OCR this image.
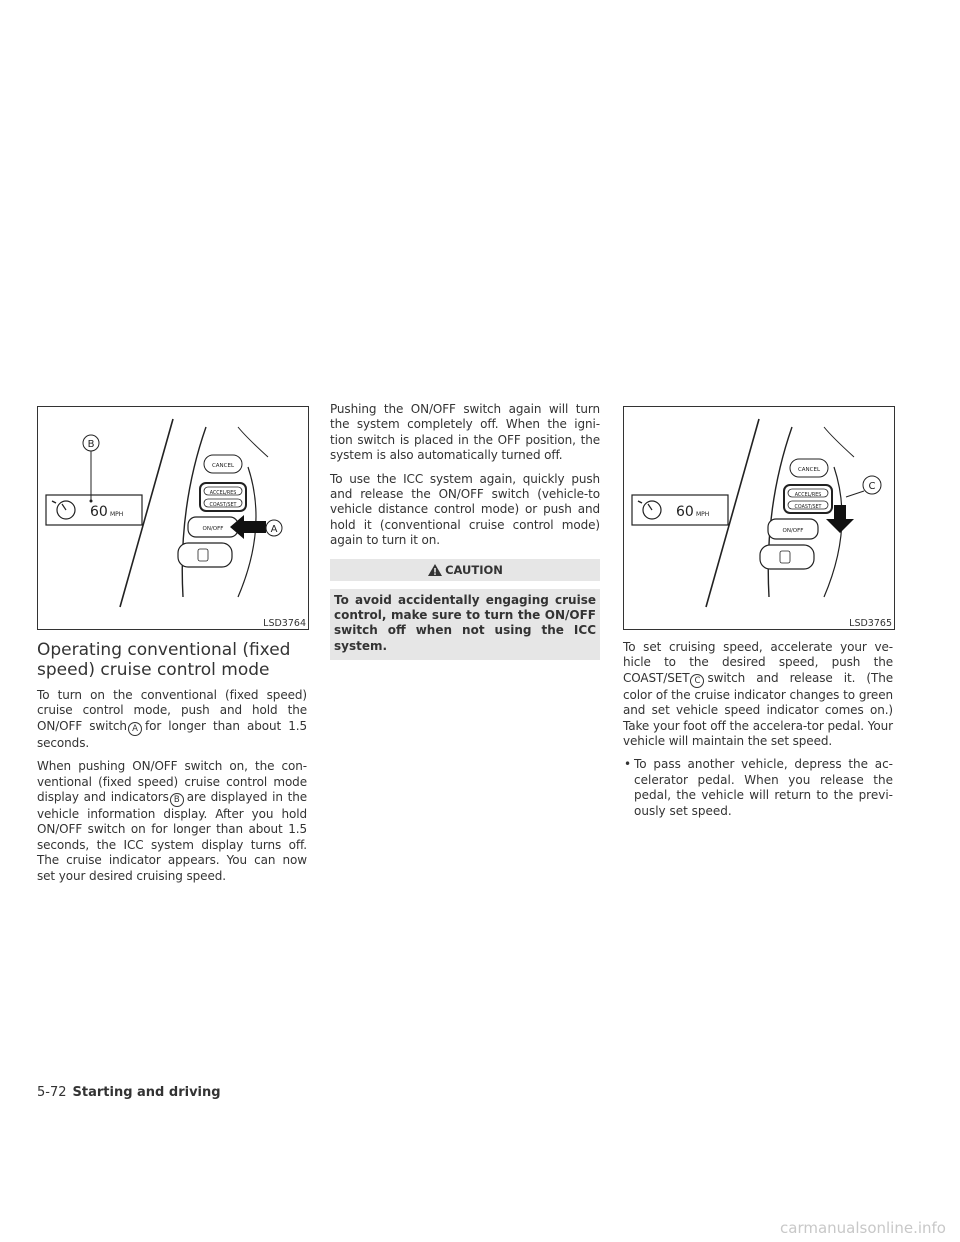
CANCEL
ACCEL/RES
COAST/SET
ON/OFF
60 MPH
B
A
LSD3764
Operating conventional (fixed speed) cruise control mode

To turn on the conventional (fixed speed) cruise control mode, push and hold the ON/OFF switch A for longer than about 1.5 seconds.

When pushing ON/OFF switch on, the con-ventional (fixed speed) cruise control mode display and indicators B are displayed in the vehicle information display. After you hold ON/OFF switch on for longer than about 1.5 seconds, the ICC system display turns off. The cruise indicator appears. You can now set your desired cruising speed.

Pushing the ON/OFF switch again will turn the system completely off. When the igni-tion switch is placed in the OFF position, the system is also automatically turned off.

To use the ICC system again, quickly push and release the ON/OFF switch (vehicle-to vehicle distance control mode) or push and hold it (conventional cruise control mode) again to turn it on.

CAUTION
To avoid accidentally engaging cruise control, make sure to turn the ON/OFF switch off when not using the ICC system.
CANCEL
ACCEL/RES
COAST/SET
ON/OFF
60 MPH
C
LSD3765

To set cruising speed, accelerate your ve-hicle to the desired speed, push the COAST/SET C switch and release it. (The color of the cruise indicator changes to green and set vehicle speed indicator comes on.) Take your foot off the accelera-tor pedal. Your vehicle will maintain the set speed.

• To pass another vehicle, depress the ac-celerator pedal. When you release the pedal, the vehicle will return to the previ-ously set speed.
5-72 Starting and driving
carmanualsonline.info
